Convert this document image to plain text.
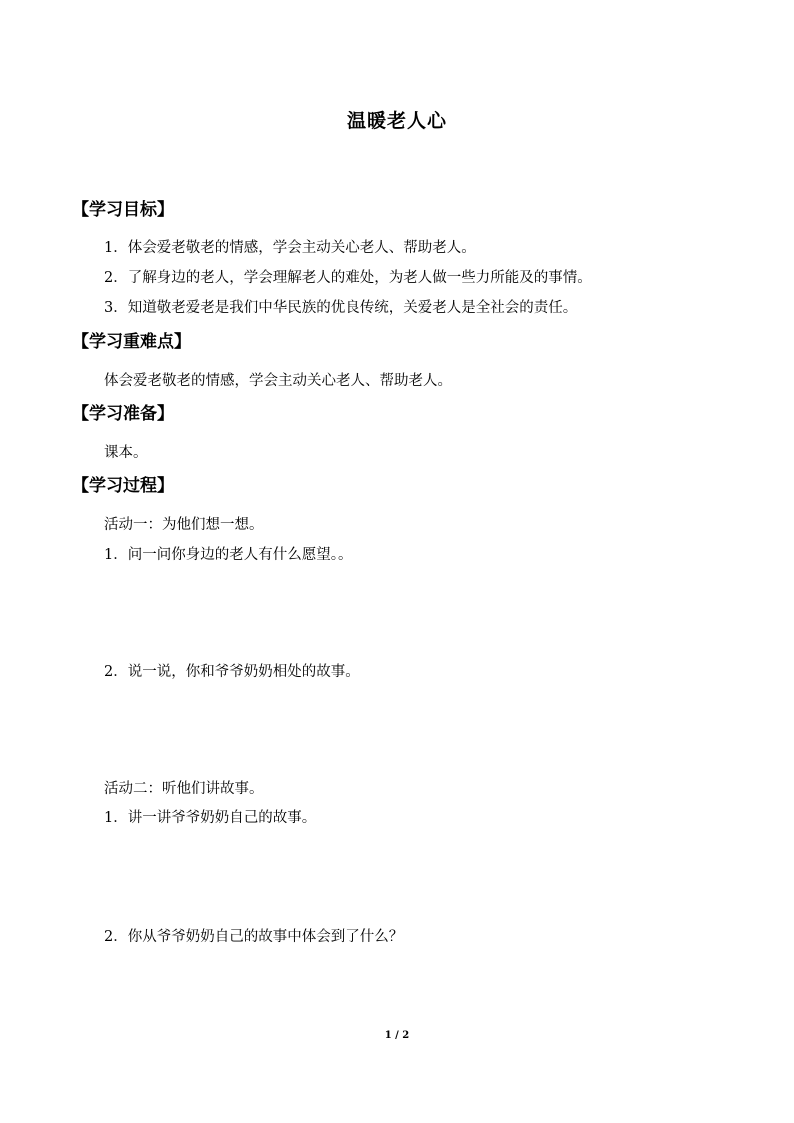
温暖老人心
【学习目标】
1．体会爱老敬老的情感，学会主动关心老人、帮助老人。
2．了解身边的老人，学会理解老人的难处，为老人做一些力所能及的事情。
3．知道敬老爱老是我们中华民族的优良传统，关爱老人是全社会的责任。
【学习重难点】
体会爱老敬老的情感，学会主动关心老人、帮助老人。
【学习准备】
课本。
【学习过程】
活动一：为他们想一想。
1．问一问你身边的老人有什么愿望。。
2．说一说，你和爷爷奶奶相处的故事。
活动二：听他们讲故事。
1．讲一讲爷爷奶奶自己的故事。
2．你从爷爷奶奶自己的故事中体会到了什么？
1 / 2
